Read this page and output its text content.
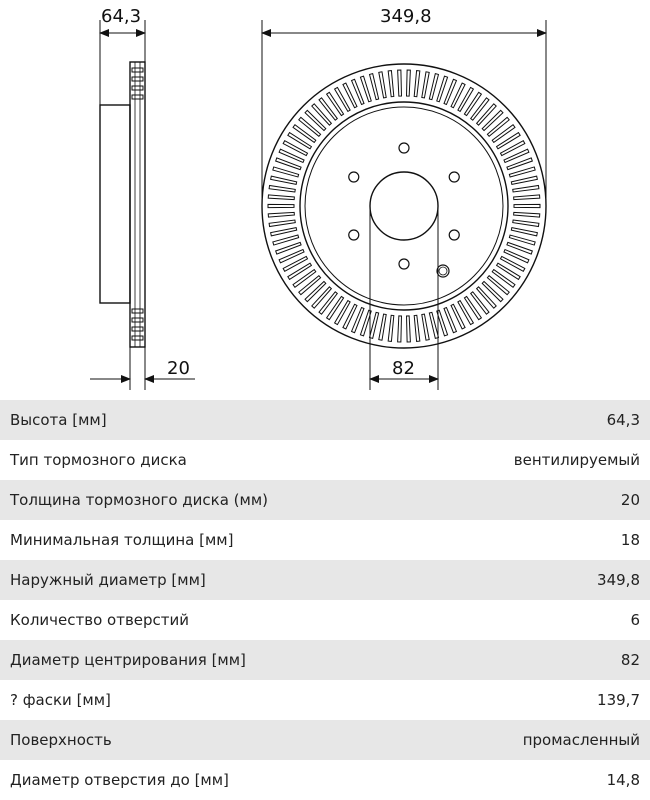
64,3
20
349,8
82
Высота [мм]	64,3
Тип тормозного диска	вентилируемый
Толщина тормозного диска (мм)	20
Минимальная толщина [мм]	18
Наружный диаметр [мм]	349,8
Количество отверстий	6
Диаметр центрирования [мм]	82
? фаски [мм]	139,7
Поверхность	промасленный
Диаметр отверстия до [мм]	14,8
